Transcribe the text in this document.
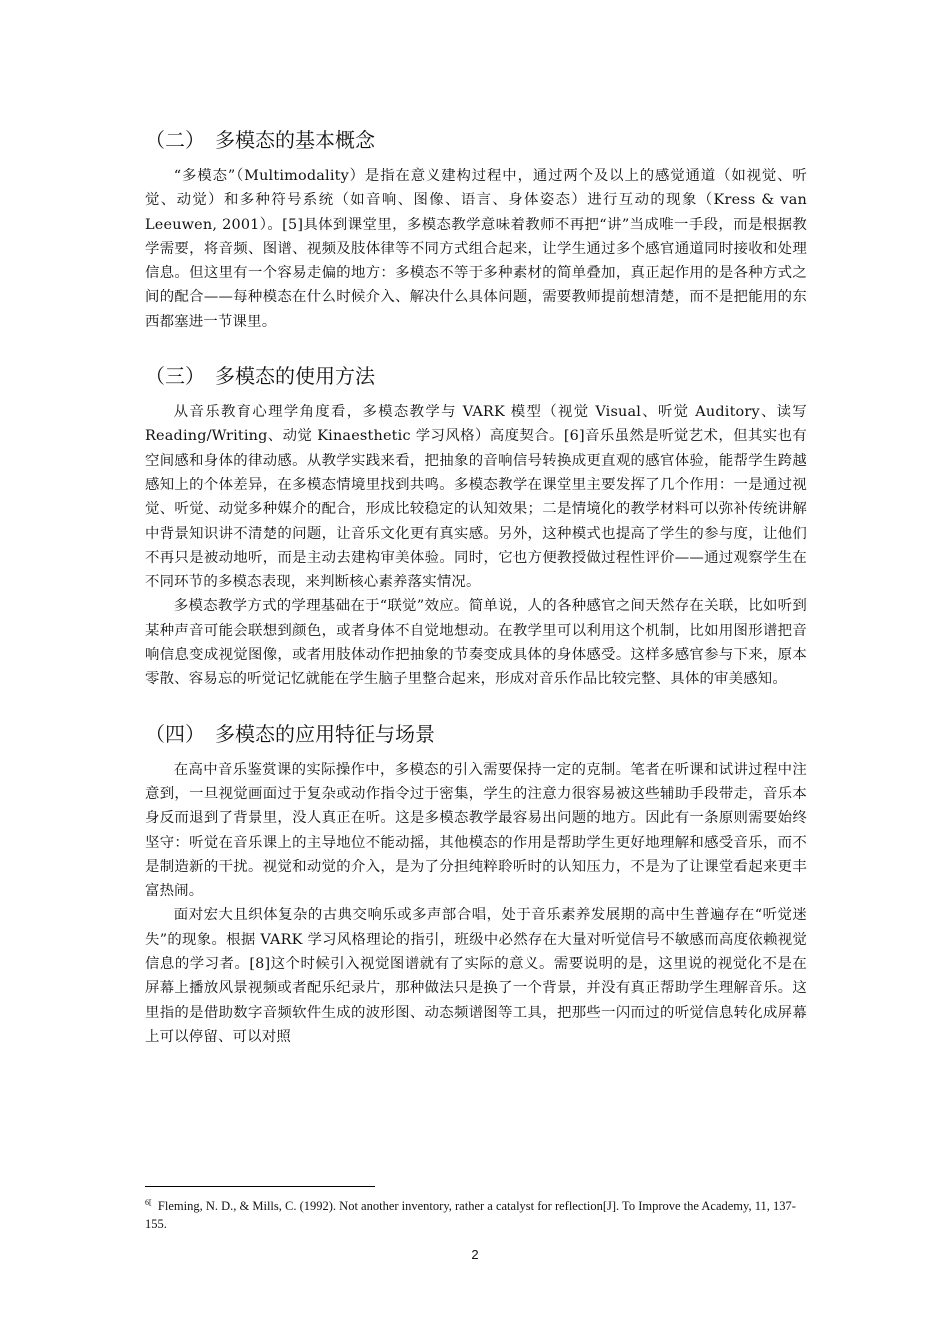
（二） 多模态的基本概念

“多模态”（Multimodality）是指在意义建构过程中，通过两个及以上的感觉通道（如视觉、听觉、动觉）和多种符号系统（如音响、图像、语言、身体姿态）进行互动的现象（Kress & van Leeuwen, 2001）。[5]具体到课堂里，多模态教学意味着教师不再把“讲”当成唯一手段，而是根据教学需要，将音频、图谱、视频及肢体律等不同方式组合起来，让学生通过多个感官通道同时接收和处理信息。但这里有一个容易走偏的地方：多模态不等于多种素材的简单叠加，真正起作用的是各种方式之间的配合——每种模态在什么时候介入、解决什么具体问题，需要教师提前想清楚，而不是把能用的东西都塞进一节课里。

（三） 多模态的使用方法

从音乐教育心理学角度看，多模态教学与 VARK 模型（视觉 Visual、听觉 Auditory、读写 Reading/Writing、动觉 Kinaesthetic 学习风格）高度契合。[6]音乐虽然是听觉艺术，但其实也有空间感和身体的律动感。从教学实践来看，把抽象的音响信号转换成更直观的感官体验，能帮学生跨越感知上的个体差异，在多模态情境里找到共鸣。多模态教学在课堂里主要发挥了几个作用：一是通过视觉、听觉、动觉多种媒介的配合，形成比较稳定的认知效果；二是情境化的教学材料可以弥补传统讲解中背景知识讲不清楚的问题，让音乐文化更有真实感。另外，这种模式也提高了学生的参与度，让他们不再只是被动地听，而是主动去建构审美体验。同时，它也方便教授做过程性评价——通过观察学生在不同环节的多模态表现，来判断核心素养落实情况。

多模态教学方式的学理基础在于“联觉”效应。简单说，人的各种感官之间天然存在关联，比如听到某种声音可能会联想到颜色，或者身体不自觉地想动。在教学里可以利用这个机制，比如用图形谱把音响信息变成视觉图像，或者用肢体动作把抽象的节奏变成具体的身体感受。这样多感官参与下来，原本零散、容易忘的听觉记忆就能在学生脑子里整合起来，形成对音乐作品比较完整、具体的审美感知。

（四） 多模态的应用特征与场景

在高中音乐鉴赏课的实际操作中，多模态的引入需要保持一定的克制。笔者在听课和试讲过程中注意到，一旦视觉画面过于复杂或动作指令过于密集，学生的注意力很容易被这些辅助手段带走，音乐本身反而退到了背景里，没人真正在听。这是多模态教学最容易出问题的地方。因此有一条原则需要始终坚守：听觉在音乐课上的主导地位不能动摇，其他模态的作用是帮助学生更好地理解和感受音乐，而不是制造新的干扰。视觉和动觉的介入，是为了分担纯粹聆听时的认知压力，不是为了让课堂看起来更丰富热闹。

面对宏大且织体复杂的古典交响乐或多声部合唱，处于音乐素养发展期的高中生普遍存在“听觉迷失”的现象。根据 VARK 学习风格理论的指引，班级中必然存在大量对听觉信号不敏感而高度依赖视觉信息的学习者。[8]这个时候引入视觉图谱就有了实际的意义。需要说明的是，这里说的视觉化不是在屏幕上播放风景视频或者配乐纪录片，那种做法只是换了一个背景，并没有真正帮助学生理解音乐。这里指的是借助数字音频软件生成的波形图、动态频谱图等工具，把那些一闪而过的听觉信息转化成屏幕上可以停留、可以对照

$^{6[}$ Fleming, N. D., & Mills, C. (1992). Not another inventory, rather a catalyst for reflection[J]. To Improve the Academy, 11, 137-155.
2
